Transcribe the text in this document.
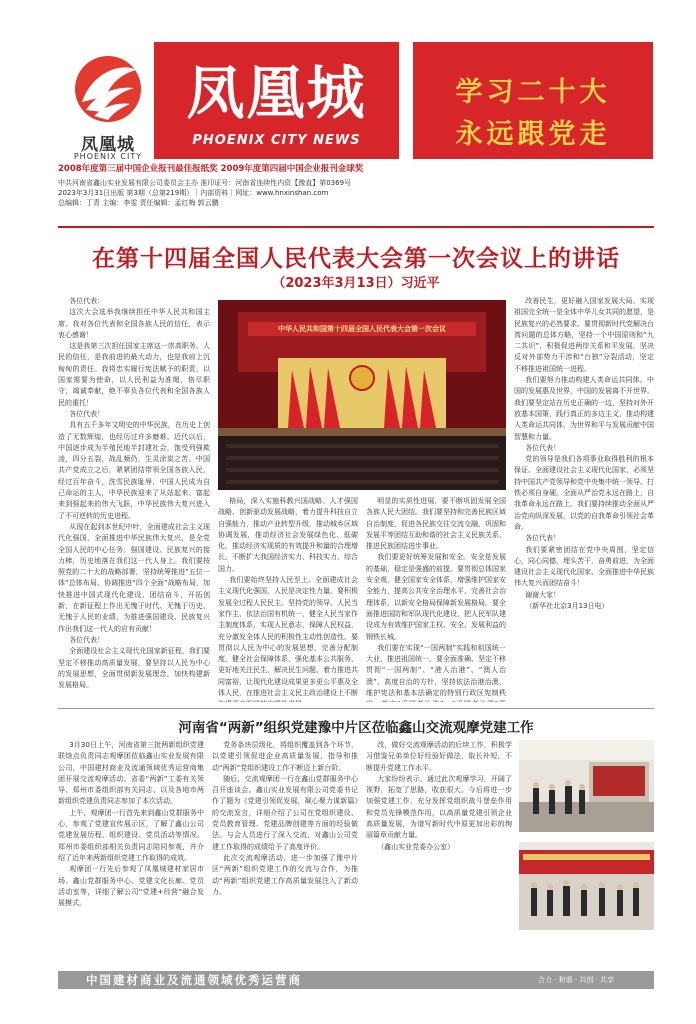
凤凰城
PHOENIX CITY
凤凰城
PHOENIX CITY NEWS
学习二十大
永远跟党走
2008年度第三届中国企业报刊最佳报纸奖 2009年度第四届中国企业报刊金球奖
中共河南省鑫山实业发展有限公司委员会主办 准印证号：河南省连续性内资【豫直】第0369号
2023年3月31日出版 第3期（总第219期）｜内部资料｜网址：www.hnxinshan.com
总编辑：丁青 主编：李雯 责任编辑：孟红梅 郭云鹏
在第十四届全国人民代表大会第一次会议上的讲话
（2023年3月13日）习近平

各位代表：

这次大会选举我继续担任中华人民共和国主席。我对各位代表和全国各族人民的信任，表示衷心感谢！

这是我第三次担任国家主席这一崇高职务。人民的信任，是我前进的最大动力，也是我肩上沉甸甸的责任。我将忠实履行宪法赋予的职责，以国家需要为使命，以人民利益为准绳，恪尽职守，竭诚奉献，绝不辜负各位代表和全国各族人民的重托！

各位代表！

具有五千多年文明史的中华民族，在历史上创造了无数辉煌，也经历过许多磨难。近代以后，中国逐步成为半殖民地半封建社会，饱受列强欺凌，四分五裂，战乱频仍，生灵涂炭之苦。中国共产党成立之后，紧紧团结带领全国各族人民，经过百年奋斗，洗雪民族耻辱，中国人民成为自己命运的主人，中华民族迎来了从站起来、富起来到强起来的伟大飞跃，中华民族伟大复兴进入了不可逆转的历史进程。

从现在起到本世纪中叶，全面建成社会主义现代化强国，全面推进中华民族伟大复兴，是全党全国人民的中心任务。强国建设、民族复兴的接力棒，历史地落在我们这一代人身上。我们要按照党的二十大的战略部署，坚持统筹推进“五位一体”总体布局、协调推进“四个全面”战略布局，加快推进中国式现代化建设，团结奋斗，开拓创新，在新征程上作出无愧于时代、无愧于历史、无愧于人民的业绩，为推进强国建设、民族复兴作出我们这一代人的应有贡献！

各位代表！

全面建设社会主义现代化国家新征程，我们要坚定不移推动高质量发展，要坚持以人民为中心的发展思想，全面贯彻新发展理念，加快构建新发展格局。

中华人民共和国第十四届全国人民代表大会第一次会议

格局，深入实施科教兴国战略、人才强国战略、创新驱动发展战略，着力提升科技自立自强能力，推动产业转型升级，推动城乡区域协调发展，推动经济社会发展绿色化、低碳化，推动经济实现质的有效提升和量的合理增长。不断扩大我国经济实力、科技实力、综合国力。

我们要始终坚持人民至上。全面建成社会主义现代化强国，人民是决定性力量。要积极发展全过程人民民主。坚持党的领导、人民当家作主、依法治国有机统一，健全人民当家作主制度体系，实现人民意志，保障人民权益，充分激发全体人民的积极性主动性创造性。要贯彻以人民为中心的发展思想，完善分配制度，健全社会保障体系，强化基本公共服务，更好地关注民生、解决民生问题，着力推进共同富裕，让现代化建设成果更多更公平惠及全体人民，在推进社会主义民主政治建设上不断

明显的实质性进展，要不断巩固发展全国各族人民大团结。我们要坚持和完善民族区域自治制度，促进各民族交往交流交融，巩固和发展平等团结互助和谐的社会主义民族关系，推进民族团结进步事业。

我们要更好统筹发展和安全。安全是发展的基础，稳定是强盛的前提。要贯彻总体国家安全观，健全国家安全体系，增强维护国家安全能力，提高公共安全治理水平，完善社会治理体系，以新安全格局保障新发展格局。要全面推进国防和军队现代化建设，把人民军队建设成为有效维护国家主权、安全、发展利益的钢铁长城。

我们要在实现“一国两制”实践和祖国统一大业，推进祖国统一。要全面准确、坚定不移贯彻“一国两制”、“港人治港”、“澳人治澳”、高度自治的方针，坚持依法治港治澳，维护宪法和基本法确定的特别行政区宪制秩

改善民生，更好融入国家发展大局。实现祖国完全统一是全体中华儿女共同的愿望，是民族复兴的必然要求。要贯彻新时代党解决台湾问题的总体方略，坚持一个中国原则和“九二共识”，积极促进两岸关系和平发展，坚决反对外部势力干涉和“台独”分裂活动，坚定不移推进祖国统一进程。

我们要努力推动构建人类命运共同体。中国的发展惠及世界，中国的发展离不开世界。我们要坚定站在历史正确的一边，坚持对外开放基本国策，践行真正的多边主义，推动构建人类命运共同体，为世界和平与发展贡献中国智慧和力量。

各位代表！

党的领导是我们各项事业取得胜利的根本保证。全面建设社会主义现代化国家，必须坚持中国共产党领导和党中央集中统一领导。打铁必须自身硬。全面从严治党永远在路上，自我革命永远在路上。我们要持续推动全面从严治党向纵深发展，以党的自我革命引领社会革命。

各位代表！

我们要紧密团结在党中央周围，坚定信心，同心同德，埋头苦干，奋勇前进，为全面建设社会主义现代化国家、全面推进中华民族伟大复兴而团结奋斗！

谢谢大家！

（新华社北京3月13日电）

河南省“两新”组织党建豫中片区莅临鑫山交流观摩党建工作

3月30日上午，河南省第三批两新组织党建联络点负责同志观摩团莅临鑫山实业发展有限公司，中国建材商业及流通领域优秀运营商集团开展交流观摩活动。省委“两新”工委有关领导、郑州市委组织部有关同志，以及各地市两新组织党建负责同志参加了本次活动。

上午，观摩团一行首先来到鑫山党群服务中心，参观了党建宣传展示区，了解了鑫山公司党建发展历程、组织建设、党员活动等情况。郑州市委组织部相关负责同志陪同参观，并介绍了近年来两新组织党建工作取得的成效。

观摩团一行先后参观了凤凰城建材家居市场、鑫山党群服务中心、党建文化长廊、党员活动室等，详细了解公司“党建+经营”融合发展模式。

党务条块层级化，将组织覆盖到各个环节，以党建引领促进企业高质量发展，指导和推动“两新”党组织建设工作不断迈上新台阶。

随后，交流观摩团一行在鑫山党群服务中心召开座谈会。鑫山实业发展有限公司党委书记作了题为《党建引领促发展，凝心聚力谋新篇》的交流发言，详细介绍了公司在党组织建设、党员教育管理、党建品牌创建等方面的经验做法。与会人员进行了深入交流，对鑫山公司党建工作取得的成绩给予了高度评价。

此次交流观摩活动，进一步加强了豫中片区“两新”组织党建工作的交流与合作，为推动“两新”组织党建工作高质量发展注入了新动力。

改，做好交流观摩活动的后续工作，积极学习借鉴兄弟单位好经验好做法，取长补短，不断提升党建工作水平。

大家纷纷表示，通过此次观摩学习，开阔了视野，拓宽了思路，收获很大。今后将进一步加强党建工作，充分发挥党组织战斗堡垒作用和党员先锋模范作用，以高质量党建引领企业高质量发展，为谱写新时代中原更加出彩的绚丽篇章贡献力量。

（鑫山实业党委办公室）

中国建材商业及流通领域优秀运营商	合力 · 和谐 · 共创 · 共享
